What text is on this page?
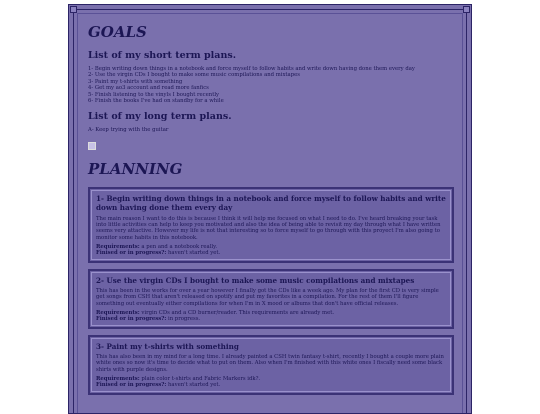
GOALS
List of my short term plans.
1- Begin writing down things in a notebook and force myself to follow habits and write down having done them every day
2- Use the virgin CDs I bought to make some music compilations and mixtapes
3- Paint my t-shirts with something
4- Get my ao3 account and read more fanfics
5- Finish listening to the vinyls I bought recently
6- Finish the books I've had on standby for a while
List of my long term plans.
A- Keep trying with the guitar
PLANNING
1- Begin writing down things in a notebook and force myself to follow habits and write down having done them every day
The main reason I want to do this is because I think it will help me focused on what I need to do. I've heard breaking your task into little activities can help to keep you motivated and also the idea of being able to revisit my day through what I have written seems very attactive. However my life is not that interesting so to force myself to go through with this proyect I'm also going to monitor some habits in this notebook.
Requirements: a pen and a notebook really.
Finised or in progress?: haven't started yet.
2- Use the virgin CDs I bought to make some music compilations and mixtapes
This has been in the works for over a year however I finally got the CDs like a week ago. My plan for the first CD is very simple get songs from CSH that aren't released on spotify and put my favorites in a compilation. For the rest of them I'll figure something out eventually either compilations for when I'm in X mood or albums that don't have official releases.
Requirements: virgin CDs and a CD burner/reader. This requirements are already met.
Finised or in progress?: in progress.
3- Paint my t-shirts with something
This has also been in my mind for a long time. I already painted a CSH twin fantasy t-shirt, recently I bought a couple more plain white ones so now it's time to decide what to put on them. Also when I'm finished with this white ones I fiscally need some black shirts with purple designs.
Requirements: plain color t-shirts and Fabric Markers idk?.
Finised or in progress?: haven't started yet.
